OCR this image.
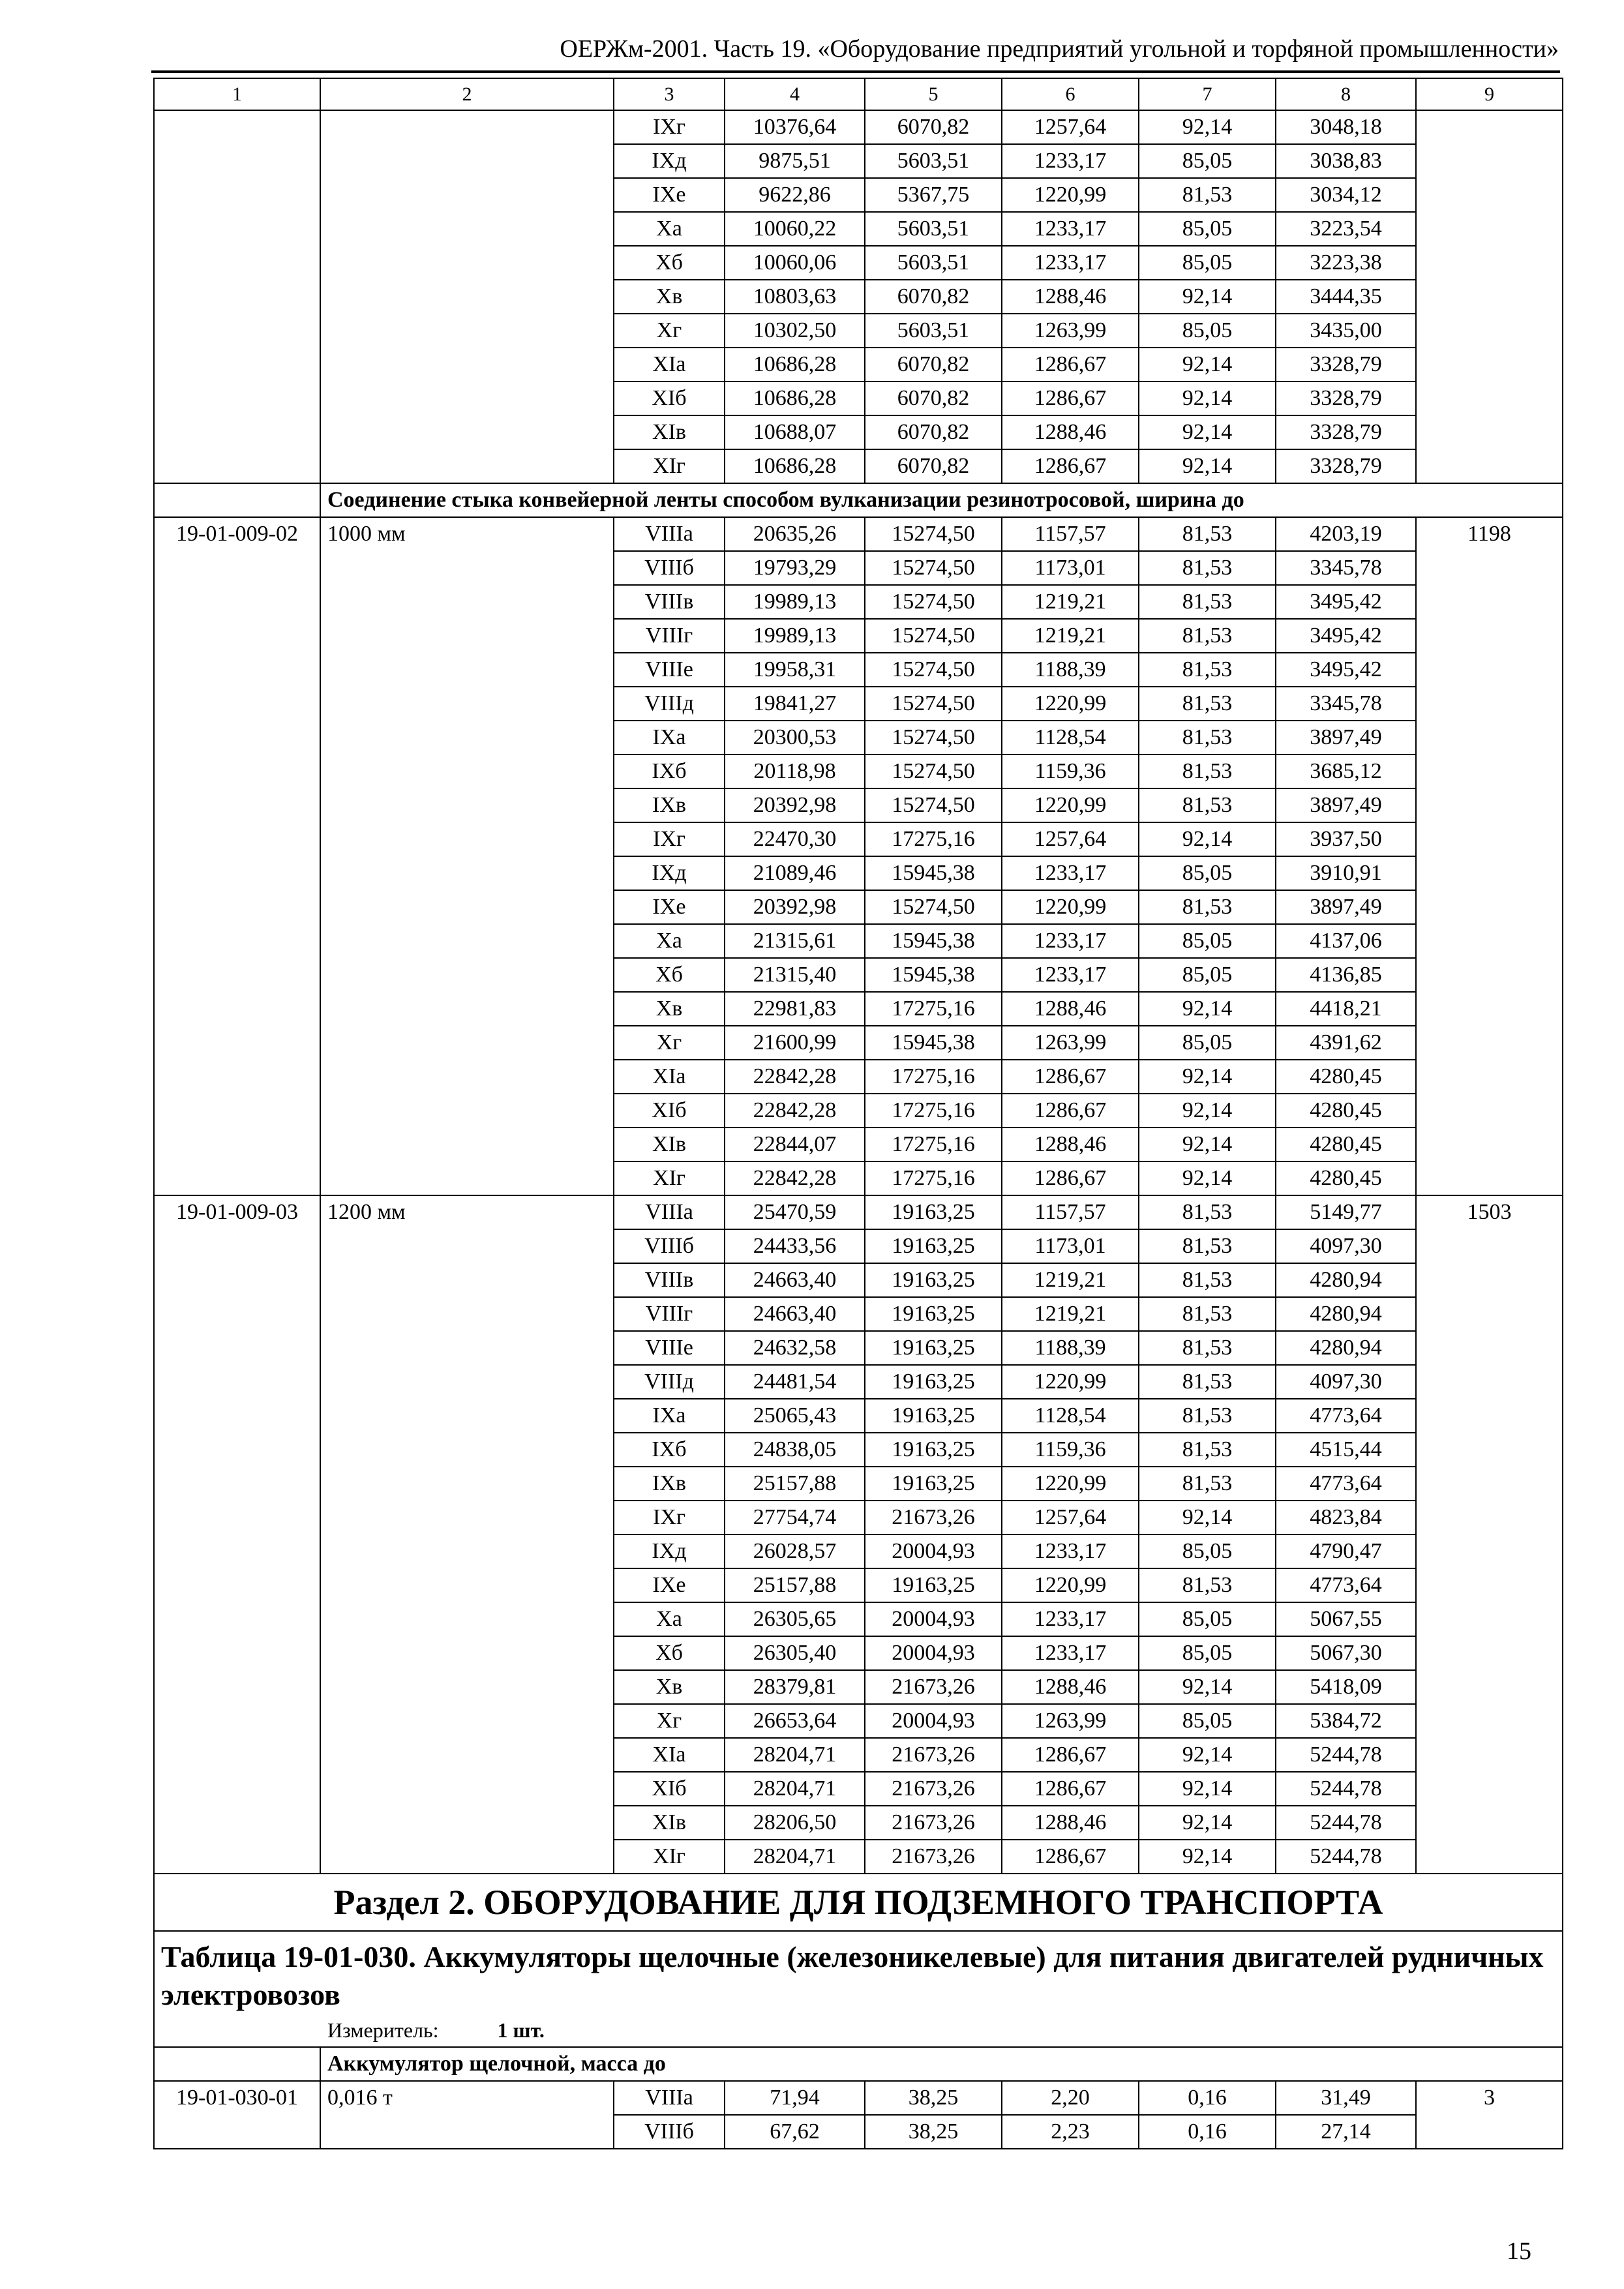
ОЕРЖм-2001. Часть 19. «Оборудование предприятий угольной и торфяной промышленности»
1	2	3	4	5	6	7	8	9
		IXг	10376,64	6070,82	1257,64	92,14	3048,18	
		IXд	9875,51	5603,51	1233,17	85,05	3038,83	
		IXе	9622,86	5367,75	1220,99	81,53	3034,12	
		Xа	10060,22	5603,51	1233,17	85,05	3223,54	
		Xб	10060,06	5603,51	1233,17	85,05	3223,38	
		Xв	10803,63	6070,82	1288,46	92,14	3444,35	
		Xг	10302,50	5603,51	1263,99	85,05	3435,00	
		XIа	10686,28	6070,82	1286,67	92,14	3328,79	
		XIб	10686,28	6070,82	1286,67	92,14	3328,79	
		XIв	10688,07	6070,82	1288,46	92,14	3328,79	
		XIг	10686,28	6070,82	1286,67	92,14	3328,79	
	Соединение стыка конвейерной ленты способом вулканизации резинотросовой, ширина до							
19-01-009-02	1000 мм	VIIIа	20635,26	15274,50	1157,57	81,53	4203,19	1198
		VIIIб	19793,29	15274,50	1173,01	81,53	3345,78	
		VIIIв	19989,13	15274,50	1219,21	81,53	3495,42	
		VIIIг	19989,13	15274,50	1219,21	81,53	3495,42	
		VIIIе	19958,31	15274,50	1188,39	81,53	3495,42	
		VIIIд	19841,27	15274,50	1220,99	81,53	3345,78	
		IXа	20300,53	15274,50	1128,54	81,53	3897,49	
		IXб	20118,98	15274,50	1159,36	81,53	3685,12	
		IXв	20392,98	15274,50	1220,99	81,53	3897,49	
		IXг	22470,30	17275,16	1257,64	92,14	3937,50	
		IXд	21089,46	15945,38	1233,17	85,05	3910,91	
		IXе	20392,98	15274,50	1220,99	81,53	3897,49	
		Xа	21315,61	15945,38	1233,17	85,05	4137,06	
		Xб	21315,40	15945,38	1233,17	85,05	4136,85	
		Xв	22981,83	17275,16	1288,46	92,14	4418,21	
		Xг	21600,99	15945,38	1263,99	85,05	4391,62	
		XIа	22842,28	17275,16	1286,67	92,14	4280,45	
		XIб	22842,28	17275,16	1286,67	92,14	4280,45	
		XIв	22844,07	17275,16	1288,46	92,14	4280,45	
		XIг	22842,28	17275,16	1286,67	92,14	4280,45	
19-01-009-03	1200 мм	VIIIа	25470,59	19163,25	1157,57	81,53	5149,77	1503
		VIIIб	24433,56	19163,25	1173,01	81,53	4097,30	
		VIIIв	24663,40	19163,25	1219,21	81,53	4280,94	
		VIIIг	24663,40	19163,25	1219,21	81,53	4280,94	
		VIIIе	24632,58	19163,25	1188,39	81,53	4280,94	
		VIIIд	24481,54	19163,25	1220,99	81,53	4097,30	
		IXа	25065,43	19163,25	1128,54	81,53	4773,64	
		IXб	24838,05	19163,25	1159,36	81,53	4515,44	
		IXв	25157,88	19163,25	1220,99	81,53	4773,64	
		IXг	27754,74	21673,26	1257,64	92,14	4823,84	
		IXд	26028,57	20004,93	1233,17	85,05	4790,47	
		IXе	25157,88	19163,25	1220,99	81,53	4773,64	
		Xа	26305,65	20004,93	1233,17	85,05	5067,55	
		Xб	26305,40	20004,93	1233,17	85,05	5067,30	
		Xв	28379,81	21673,26	1288,46	92,14	5418,09	
		Xг	26653,64	20004,93	1263,99	85,05	5384,72	
		XIа	28204,71	21673,26	1286,67	92,14	5244,78	
		XIб	28204,71	21673,26	1286,67	92,14	5244,78	
		XIв	28206,50	21673,26	1288,46	92,14	5244,78	
		XIг	28204,71	21673,26	1286,67	92,14	5244,78	
Раздел 2. ОБОРУДОВАНИЕ ДЛЯ ПОДЗЕМНОГО ТРАНСПОРТА								

Таблица 19-01-030. Аккумуляторы щелочные (железоникелевые) для питания двигателей рудничных электровозов
Измеритель: 1 шт.								

	Аккумулятор щелочной, масса до							
19-01-030-01	0,016 т	VIIIа	71,94	38,25	2,20	0,16	31,49	3
		VIIIб	67,62	38,25	2,23	0,16	27,14	
15
